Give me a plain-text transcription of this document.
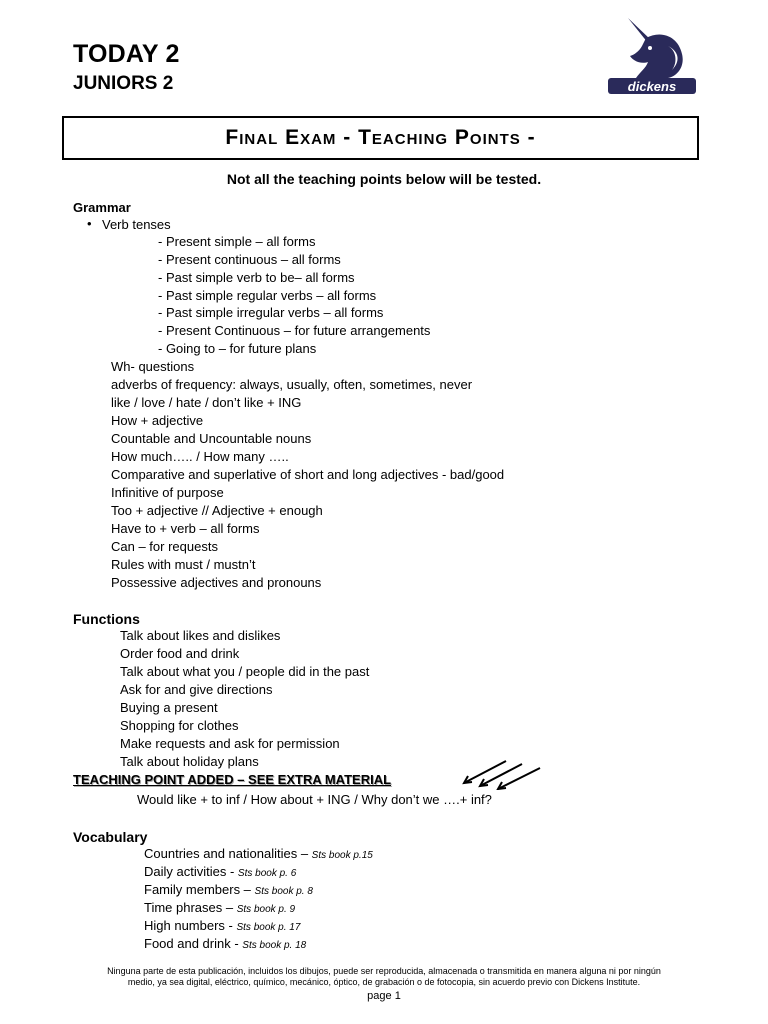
TODAY 2
JUNIORS 2	dickens
Final Exam - Teaching Points -
Not all the teaching points below will be tested.
Grammar
• Verb tenses
- Present simple – all forms
- Present continuous – all forms
- Past simple verb to be– all forms
- Past simple regular verbs – all forms
- Past simple irregular verbs – all forms
- Present Continuous – for future arrangements
- Going to – for future plans
Wh- questions
adverbs of frequency: always, usually, often, sometimes, never
like / love / hate / don’t like + ING
How + adjective
Countable and Uncountable nouns
How much….. / How many …..
Comparative and superlative of short and long adjectives - bad/good
Infinitive of purpose
Too + adjective // Adjective + enough
Have to + verb – all forms
Can – for requests
Rules with must / mustn’t
Possessive adjectives and pronouns
Functions
Talk about likes and dislikes
Order food and drink
Talk about what you / people did in the past
Ask for and give directions
Buying a present
Shopping for clothes
Make requests and ask for permission
Talk about holiday plans
TEACHING POINT ADDED – SEE EXTRA MATERIAL
Would like + to inf / How about + ING / Why don’t we ….+ inf?
Vocabulary
Countries and nationalities – Sts book p.15
Daily activities - Sts book p. 6
Family members – Sts book p. 8
Time phrases – Sts book p. 9
High numbers - Sts book p. 17
Food and drink - Sts book p. 18
Ninguna parte de esta publicación, incluidos los dibujos, puede ser reproducida, almacenada o transmitida en manera alguna ni por ningún
medio, ya sea digital, eléctrico, químico, mecánico, óptico, de grabación o de fotocopia, sin acuerdo previo con Dickens Institute.
page 1
